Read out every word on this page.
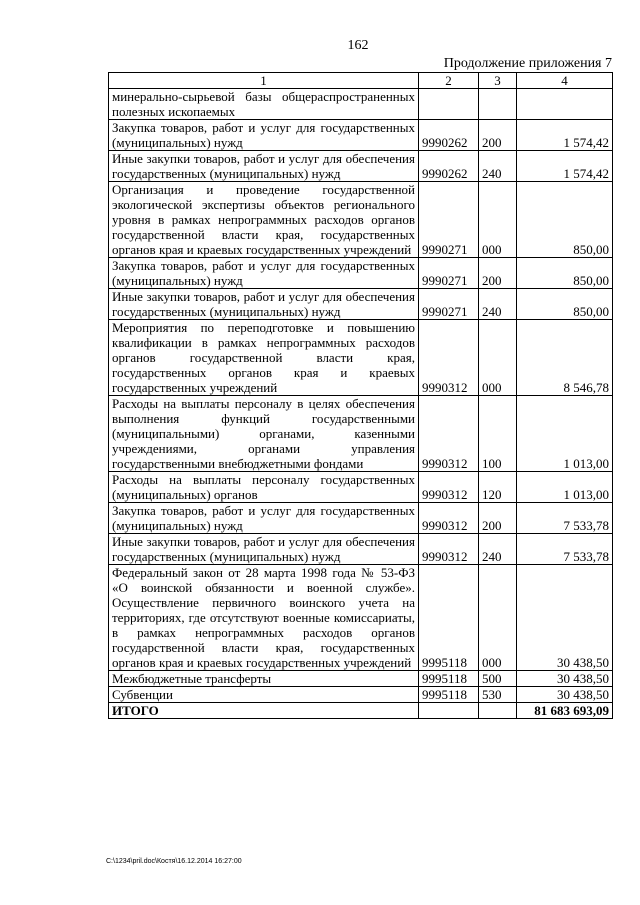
162
Продолжение приложения 7
1	2	3	4
минерально-сырьевой базы общераспространенных полезных ископаемых			
Закупка товаров, работ и услуг для государственных (муниципальных) нужд	9990262	200	1 574,42
Иные закупки товаров, работ и услуг для обеспечения государственных (муниципальных) нужд	9990262	240	1 574,42
Организация и проведение государственной экологической экспертизы объектов регионального уровня в рамках непрограммных расходов органов государственной власти края, государственных органов края и краевых государственных учреждений	9990271	000	850,00
Закупка товаров, работ и услуг для государственных (муниципальных) нужд	9990271	200	850,00
Иные закупки товаров, работ и услуг для обеспечения государственных (муниципальных) нужд	9990271	240	850,00
Мероприятия по переподготовке и повышению квалификации в рамках непрограммных расходов органов государственной власти края, государственных органов края и краевых государственных учреждений	9990312	000	8 546,78
Расходы на выплаты персоналу в целях обеспечения выполнения функций государственными (муниципальными) органами, казенными учреждениями, органами управления государственными внебюджетными фондами	9990312	100	1 013,00
Расходы на выплаты персоналу государственных (муниципальных) органов	9990312	120	1 013,00
Закупка товаров, работ и услуг для государственных (муниципальных) нужд	9990312	200	7 533,78
Иные закупки товаров, работ и услуг для обеспечения государственных (муниципальных) нужд	9990312	240	7 533,78
Федеральный закон от 28 марта 1998 года № 53-ФЗ «О воинской обязанности и военной службе». Осуществление первичного воинского учета на территориях, где отсутствуют военные комиссариаты, в рамках непрограммных расходов органов государственной власти края, государственных органов края и краевых государственных учреждений	9995118	000	30 438,50
Межбюджетные трансферты	9995118	500	30 438,50
Субвенции	9995118	530	30 438,50
ИТОГО			81 683 693,09
C:\1234\pril.doc\Костя\16.12.2014 16:27:00
